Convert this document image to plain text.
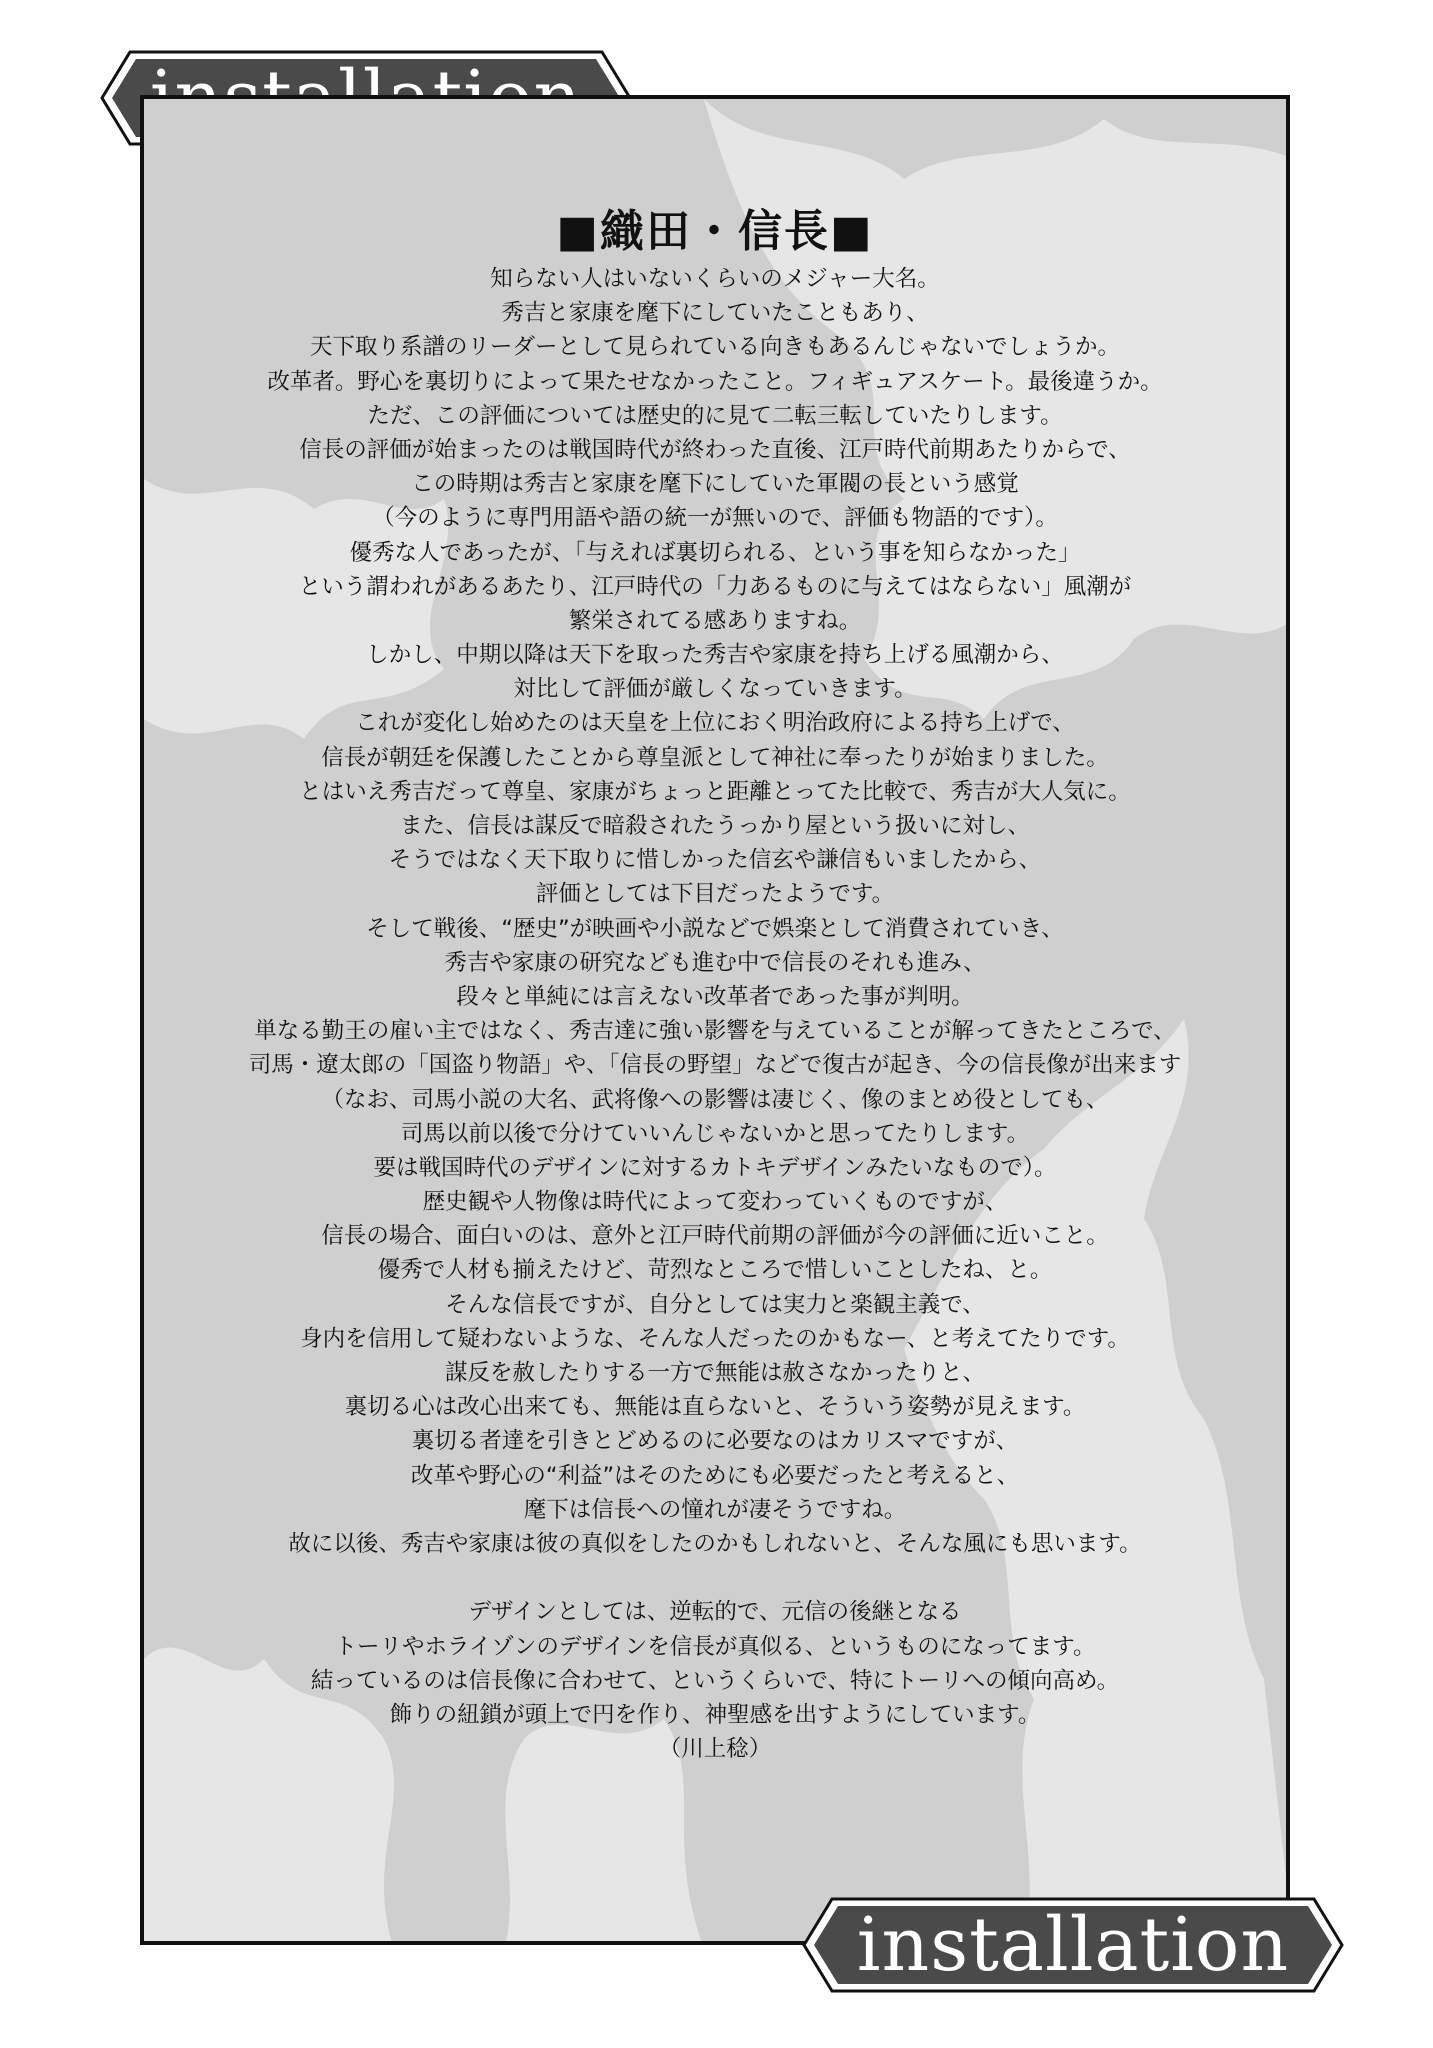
■織田・信長■
知らない人はいないくらいのメジャー大名。
秀吉と家康を麾下にしていたこともあり、
天下取り系譜のリーダーとして見られている向きもあるんじゃないでしょうか。
改革者。野心を裏切りによって果たせなかったこと。フィギュアスケート。最後違うか。
ただ、この評価については歴史的に見て二転三転していたりします。
信長の評価が始まったのは戦国時代が終わった直後、江戸時代前期あたりからで、
この時期は秀吉と家康を麾下にしていた軍閥の長という感覚
（今のように専門用語や語の統一が無いので、評価も物語的です）。
優秀な人であったが、「与えれば裏切られる、という事を知らなかった」
という謂われがあるあたり、江戸時代の「力あるものに与えてはならない」風潮が
繁栄されてる感ありますね。
しかし、中期以降は天下を取った秀吉や家康を持ち上げる風潮から、
対比して評価が厳しくなっていきます。
これが変化し始めたのは天皇を上位におく明治政府による持ち上げで、
信長が朝廷を保護したことから尊皇派として神社に奉ったりが始まりました。
とはいえ秀吉だって尊皇、家康がちょっと距離とってた比較で、秀吉が大人気に。
また、信長は謀反で暗殺されたうっかり屋という扱いに対し、
そうではなく天下取りに惜しかった信玄や謙信もいましたから、
評価としては下目だったようです。
そして戦後、“歴史”が映画や小説などで娯楽として消費されていき、
秀吉や家康の研究なども進む中で信長のそれも進み、
段々と単純には言えない改革者であった事が判明。
単なる勤王の雇い主ではなく、秀吉達に強い影響を与えていることが解ってきたところで、
司馬・遼太郎の「国盗り物語」や、「信長の野望」などで復古が起き、今の信長像が出来ます
（なお、司馬小説の大名、武将像への影響は凄じく、像のまとめ役としても、
司馬以前以後で分けていいんじゃないかと思ってたりします。
要は戦国時代のデザインに対するカトキデザインみたいなもので）。
歴史観や人物像は時代によって変わっていくものですが、
信長の場合、面白いのは、意外と江戸時代前期の評価が今の評価に近いこと。
優秀で人材も揃えたけど、苛烈なところで惜しいことしたね、と。
そんな信長ですが、自分としては実力と楽観主義で、
身内を信用して疑わないような、そんな人だったのかもなー、と考えてたりです。
謀反を赦したりする一方で無能は赦さなかったりと、
裏切る心は改心出来ても、無能は直らないと、そういう姿勢が見えます。
裏切る者達を引きとどめるのに必要なのはカリスマですが、
改革や野心の“利益”はそのためにも必要だったと考えると、
麾下は信長への憧れが凄そうですね。
故に以後、秀吉や家康は彼の真似をしたのかもしれないと、そんな風にも思います。
デザインとしては、逆転的で、元信の後継となる
トーリやホライゾンのデザインを信長が真似る、というものになってます。
結っているのは信長像に合わせて、というくらいで、特にトーリへの傾向高め。
飾りの紐鎖が頭上で円を作り、神聖感を出すようにしています。
（川上稔）
installation
